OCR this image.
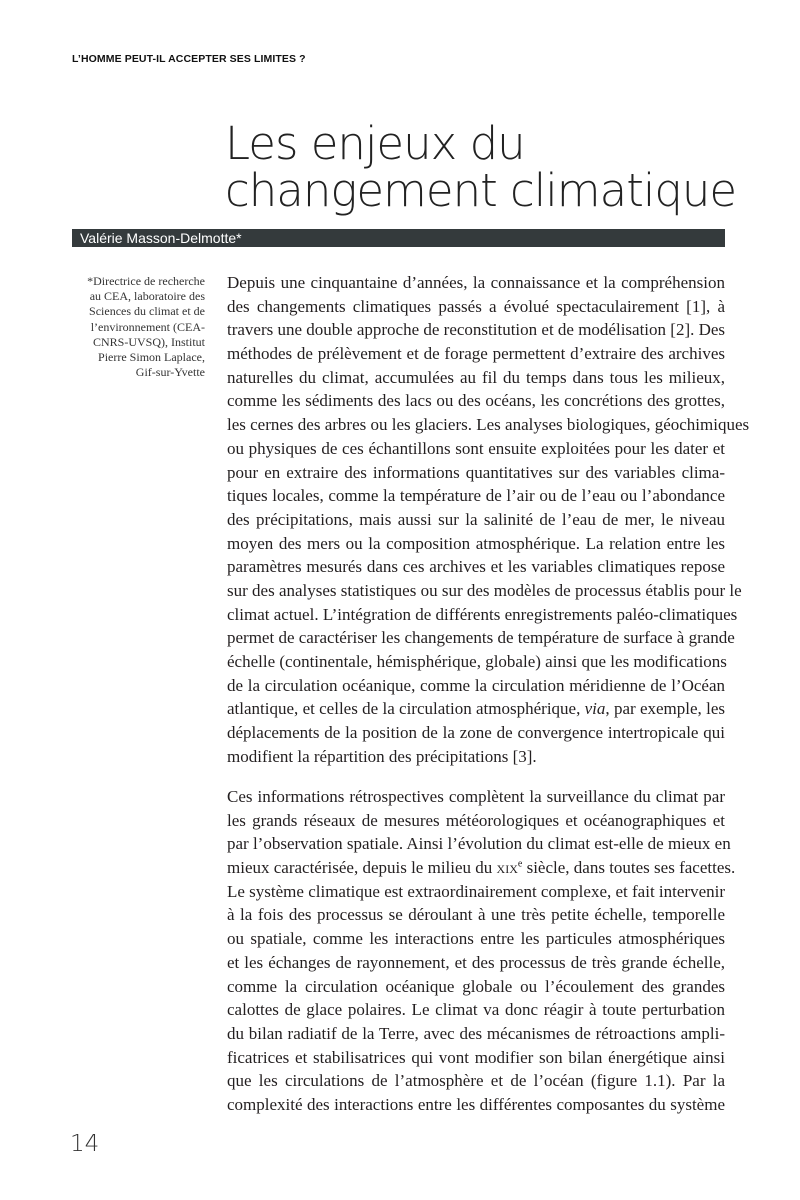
L’HOMME PEUT-IL ACCEPTER SES LIMITES ?
Les enjeux du
changement climatique
Valérie Masson-Delmotte*
*Directrice de recherche
au CEA, laboratoire des
Sciences du climat et de
l’environnement (CEA-
CNRS-UVSQ), Institut
Pierre Simon Laplace,
Gif-sur-Yvette
Depuis une cinquantaine d’années, la connaissance et la compréhension
des changements climatiques passés a évolué spectaculairement [1], à
travers une double approche de reconstitution et de modélisation [2]. Des
méthodes de prélèvement et de forage permettent d’extraire des archives
naturelles du climat, accumulées au fil du temps dans tous les milieux,
comme les sédiments des lacs ou des océans, les concrétions des grottes,
les cernes des arbres ou les glaciers. Les analyses biologiques, géochimiques
ou physiques de ces échantillons sont ensuite exploitées pour les dater et
pour en extraire des informations quantitatives sur des variables clima-
tiques locales, comme la température de l’air ou de l’eau ou l’abondance
des précipitations, mais aussi sur la salinité de l’eau de mer, le niveau
moyen des mers ou la composition atmosphérique. La relation entre les
paramètres mesurés dans ces archives et les variables climatiques repose
sur des analyses statistiques ou sur des modèles de processus établis pour le
climat actuel. L’intégration de différents enregistrements paléo-climatiques
permet de caractériser les changements de température de surface à grande
échelle (continentale, hémisphérique, globale) ainsi que les modifications
de la circulation océanique, comme la circulation méridienne de l’Océan
atlantique, et celles de la circulation atmosphérique, via, par exemple, les
déplacements de la position de la zone de convergence intertropicale qui
modifient la répartition des précipitations [3].
Ces informations rétrospectives complètent la surveillance du climat par
les grands réseaux de mesures météorologiques et océanographiques et
par l’observation spatiale. Ainsi l’évolution du climat est-elle de mieux en
mieux caractérisée, depuis le milieu du xix$^e$ siècle, dans toutes ses facettes.
Le système climatique est extraordinairement complexe, et fait intervenir
à la fois des processus se déroulant à une très petite échelle, temporelle
ou spatiale, comme les interactions entre les particules atmosphériques
et les échanges de rayonnement, et des processus de très grande échelle,
comme la circulation océanique globale ou l’écoulement des grandes
calottes de glace polaires. Le climat va donc réagir à toute perturbation
du bilan radiatif de la Terre, avec des mécanismes de rétroactions ampli-
ficatrices et stabilisatrices qui vont modifier son bilan énergétique ainsi
que les circulations de l’atmosphère et de l’océan (figure 1.1). Par la
complexité des interactions entre les différentes composantes du système
14
